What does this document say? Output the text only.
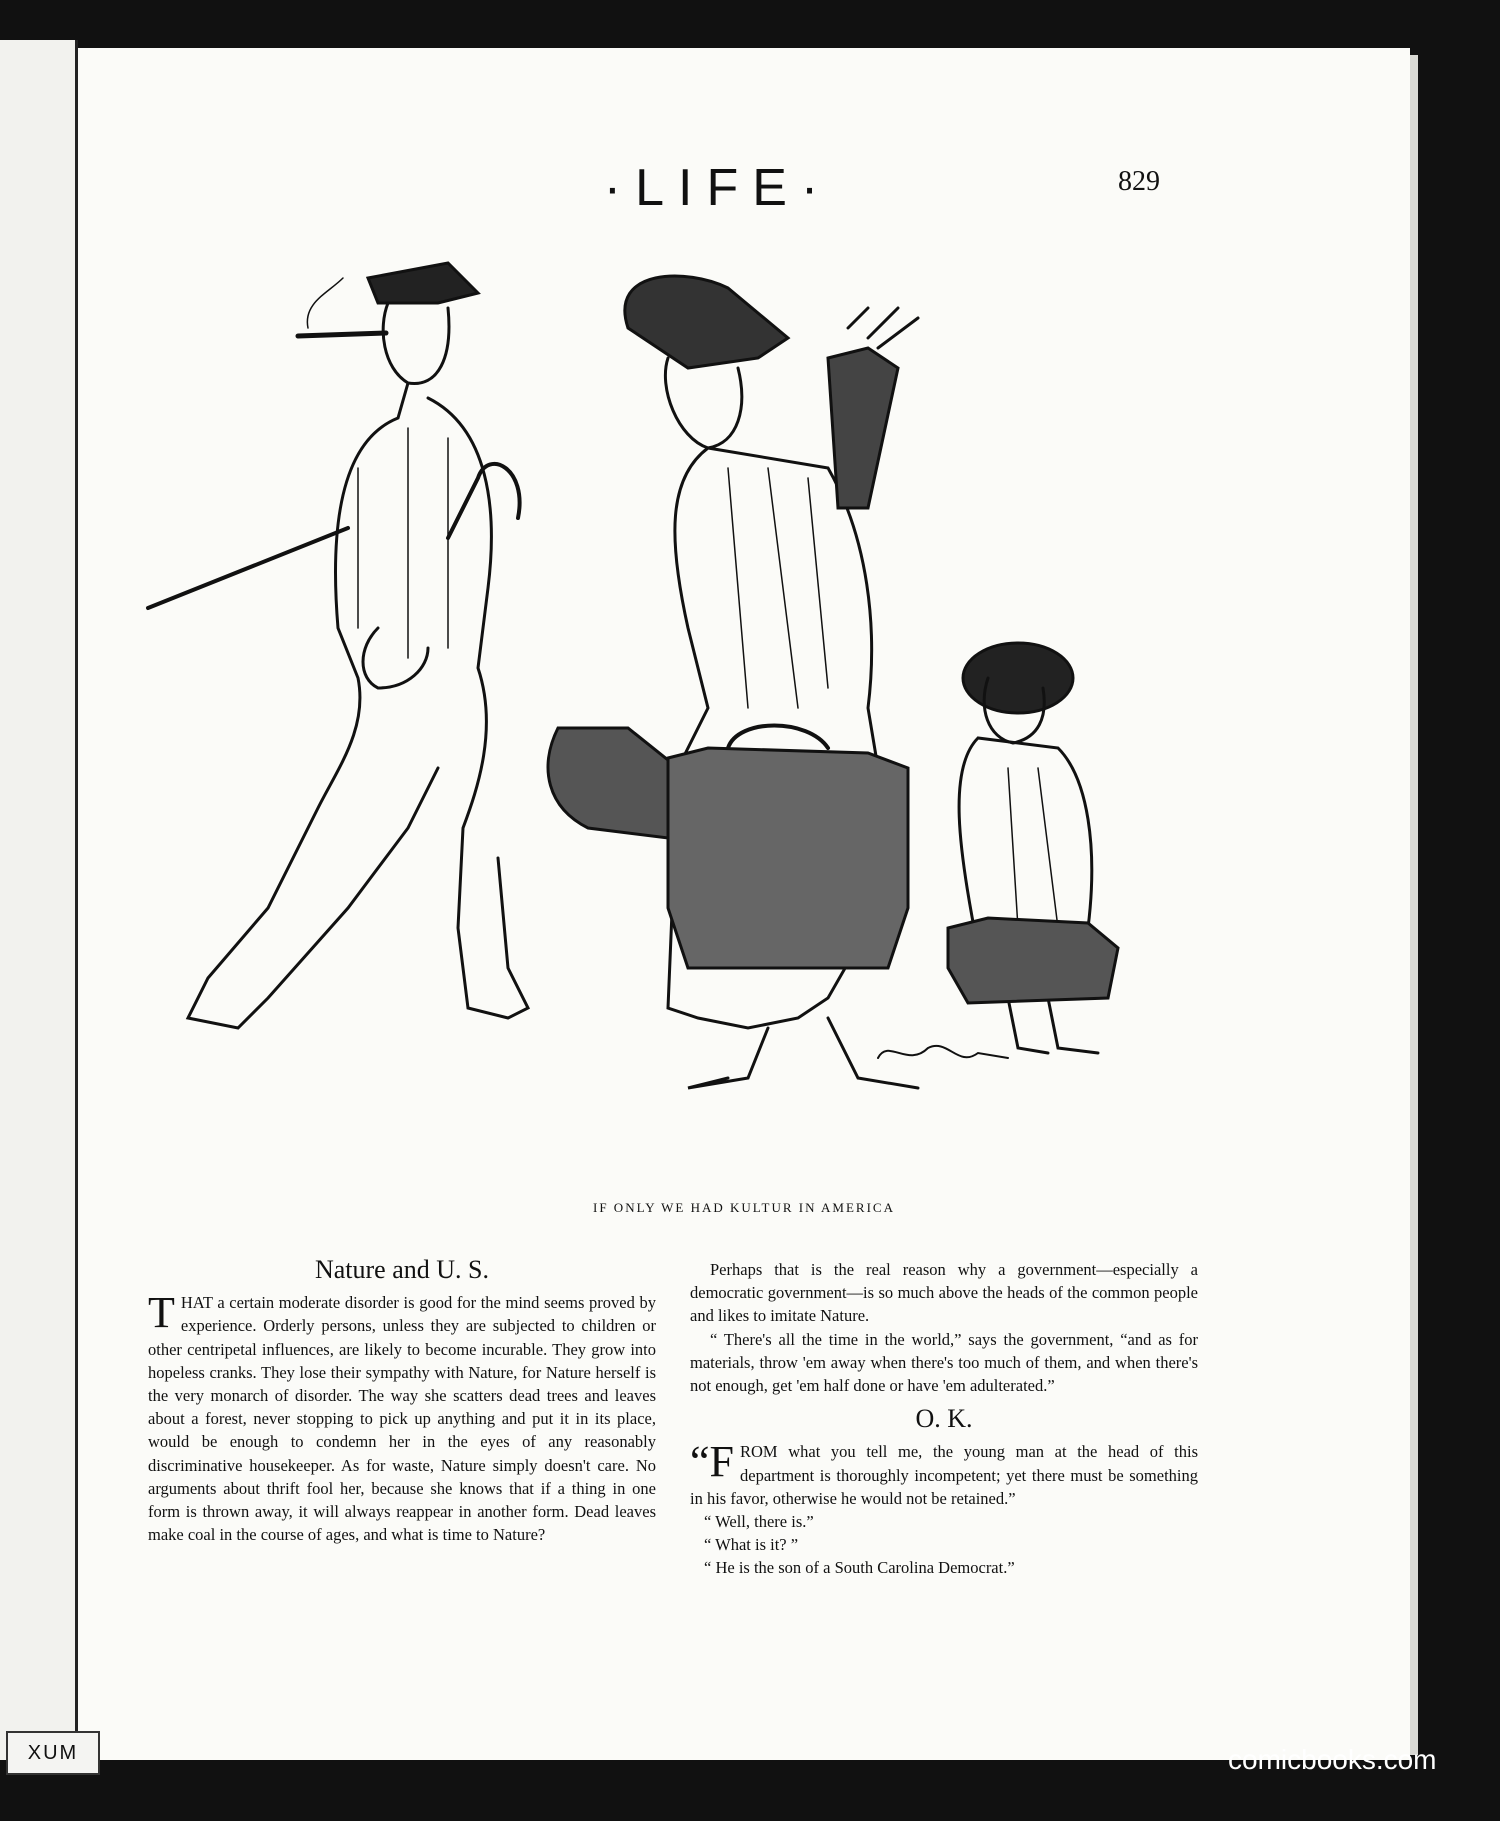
·LIFE·	829
IF ONLY WE HAD KULTUR IN AMERICA
Nature and U. S.

THAT a certain moderate disorder is good for the mind seems proved by experience. Orderly persons, unless they are subjected to children or other centripetal influences, are likely to become incurable. They grow into hopeless cranks. They lose their sympathy with Nature, for Nature herself is the very monarch of disorder. The way she scatters dead trees and leaves about a forest, never stopping to pick up anything and put it in its place, would be enough to condemn her in the eyes of any reasonably discriminative housekeeper. As for waste, Nature simply doesn't care. No arguments about thrift fool her, because she knows that if a thing in one form is thrown away, it will always reappear in another form. Dead leaves make coal in the course of ages, and what is time to Nature?

Perhaps that is the real reason why a government—especially a democratic government—is so much above the heads of the common people and likes to imitate Nature.

“ There's all the time in the world,” says the government, “and as for materials, throw 'em away when there's too much of them, and when there's not enough, get 'em half done or have 'em adulterated.”

O. K.

“FROM what you tell me, the young man at the head of this department is thoroughly incompetent; yet there must be something in his favor, otherwise he would not be retained.”

“ Well, there is.”

“ What is it? ”

“ He is the son of a South Carolina Democrat.”

XUM	comicbooks.com
